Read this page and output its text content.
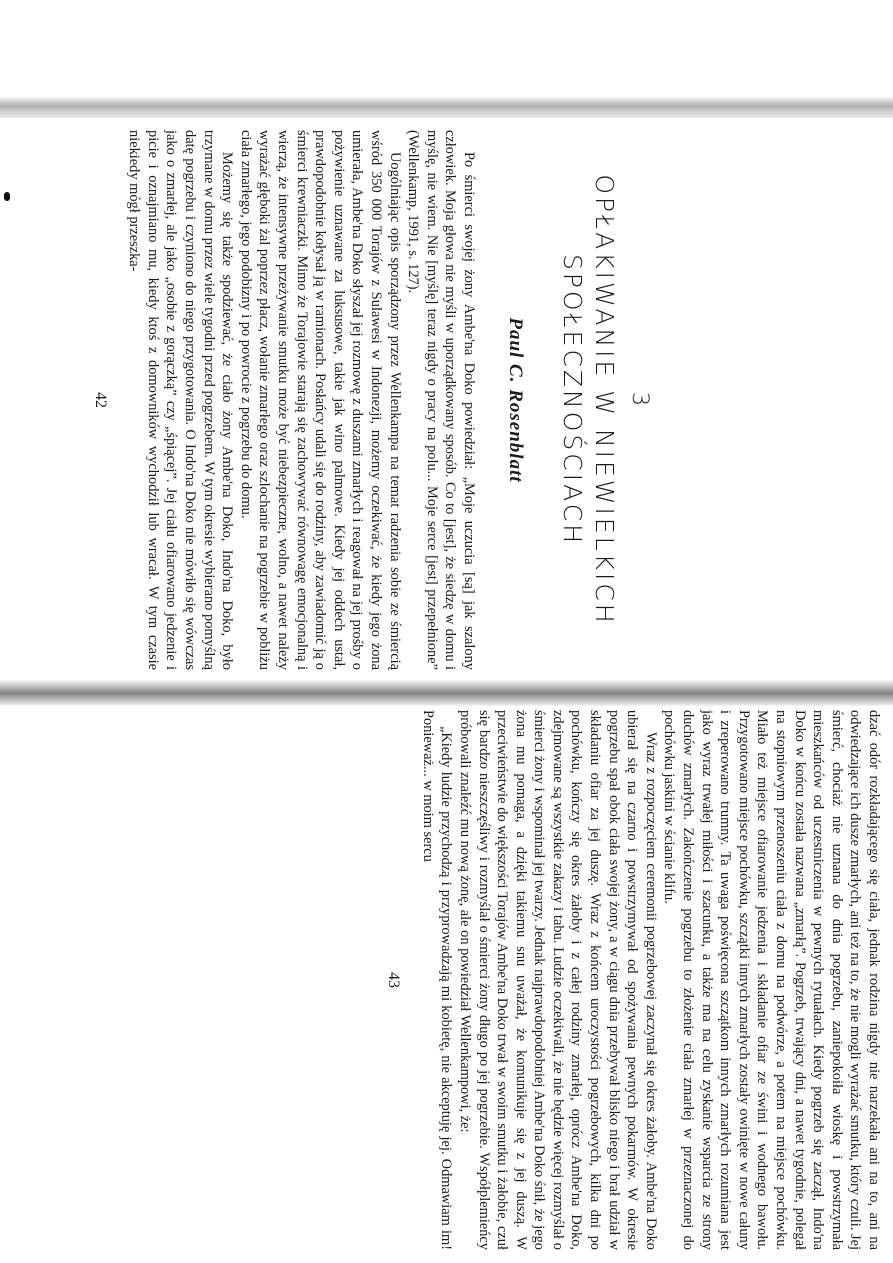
3
OPŁAKIWANIE W NIEWIELKICH
SPOŁECZNOŚCIACH
Paul C. Rosenblatt

Po śmierci swojej żony Ambe'na Doko powiedział: „Moje uczucia [są] jak szalony człowiek. Moja głowa nie myśli w uporządkowany sposób. Co to [jest], że siedzę w domu i myślę, nie wiem. Nie [myślę] teraz nigdy o pracy na polu... Moje serce [jest] przepełnione” (Wellenkamp, 1991, s. 127).

Uogólniając opis sporządzony przez Wellenkampa na temat radzenia sobie ze śmiercią wśród 350 000 Torajów z Sulawesi w Indonezji, możemy oczekiwać, że kiedy jego żona umierała, Ambe'na Doko słyszał jej rozmowę z duszami zmarłych i reagował na jej prośby o pożywienie uznawane za luksusowe, takie jak wino palmowe. Kiedy jej oddech ustał, prawdopodobnie kołysał ją w ramionach. Posłańcy udali się do rodziny, aby zawiadomić ją o śmierci krewniaczki. Mimo że Torajowie starają się zachowywać równowagę emocjonalną i wierzą, że intensywne przeżywanie smutku może być niebezpieczne, wolno, a nawet należy wyrażać głęboki żal poprzez płacz, wołanie zmarłego oraz szlochanie na pogrzebie w pobliżu ciała zmarłego, jego podobizny i po powrocie z pogrzebu do domu.

Możemy się także spodziewać, że ciało żony Ambe'na Doko, Indo'na Doko, było trzymane w domu przez wiele tygodni przed pogrzebem. W tym okresie wybierano pomyślną datę pogrzebu i czyniono do niego przygotowania. O Indo'na Doko nie mówiło się wówczas jako o zmarłej, ale jako „osobie z gorączką” czy „śpiącej”. Jej ciału ofiarowano jedzenie i picie i oznajmiano mu, kiedy ktoś z domowników wychodził lub wracał. W tym czasie niekiedy mógł przeszka-

42

dzać odór rozkładającego się ciała, jednak rodzina nigdy nie narzekała ani na to, ani na odwiedzające ich dusze zmarłych, ani też na to, że nie mogli wyrażać smutku, który czuli. Jej śmierć, chociaż nie uznana do dnia pogrzebu, zaniepokoiła wioskę i powstrzymała mieszkańców od uczestniczenia w pewnych rytuałach. Kiedy pogrzeb się zaczął, Indo'na Doko w końcu została nazwana „zmarłą”. Pogrzeb, trwający dni, a nawet tygodnie, polegał na stopniowym przenoszeniu ciała z domu na podwórze, a potem na miejsce pochówku. Miało też miejsce ofiarowanie jedzenia i składanie ofiar ze świni i wodnego bawołu. Przygotowano miejsce pochówku, szczątki innych zmarłych zostały owinięte w nowe całuny i zreperowano trumny. Ta uwaga poświęcona szczątkom innych zmarłych rozumiana jest jako wyraz trwałej miłości i szacunku, a także ma na celu zyskanie wsparcia ze strony duchów zmarłych. Zakończenie pogrzebu to złożenie ciała zmarłej w przeznaczonej do pochówku jaskini w ścianie klifu.

Wraz z rozpoczęciem ceremonii pogrzebowej zaczynał się okres żałoby. Ambe'na Doko ubierał się na czarno i powstrzymywał od spożywania pewnych pokarmów. W okresie pogrzebu spał obok ciała swojej żony, a w ciągu dnia przebywał blisko niego i brał udział w składaniu ofiar za jej duszę. Wraz z końcem uroczystości pogrzebowych, kilka dni po pochówku, kończy się okres żałoby i z całej rodziny zmarłej, oprócz Ambe'na Doko, zdejmowane są wszystkie zakazy i tabu. Ludzie oczekiwali, że nie będzie więcej rozmyślał o śmierci żony i wspominał jej twarzy. Jednak najprawdopodobniej Ambe'na Doko śnił, że jego żona mu pomaga, a dzięki takiemu snu uważał, że komunikuje się z jej duszą. W przeciwieństwie do większości Torajów Ambe'na Doko trwał w swoim smutku i żałobie, czuł się bardzo nieszczęśliwy i rozmyślał o śmierci żony długo po jej pogrzebie. Współplemieńcy próbowali znaleźć mu nową żonę, ale on powiedział Wellenkampowi, że:

„Kiedy ludzie przychodzą i przyprowadzają mi kobietę, nie akceptuję jej. Odmawiam im! Ponieważ... w moim sercu

43
